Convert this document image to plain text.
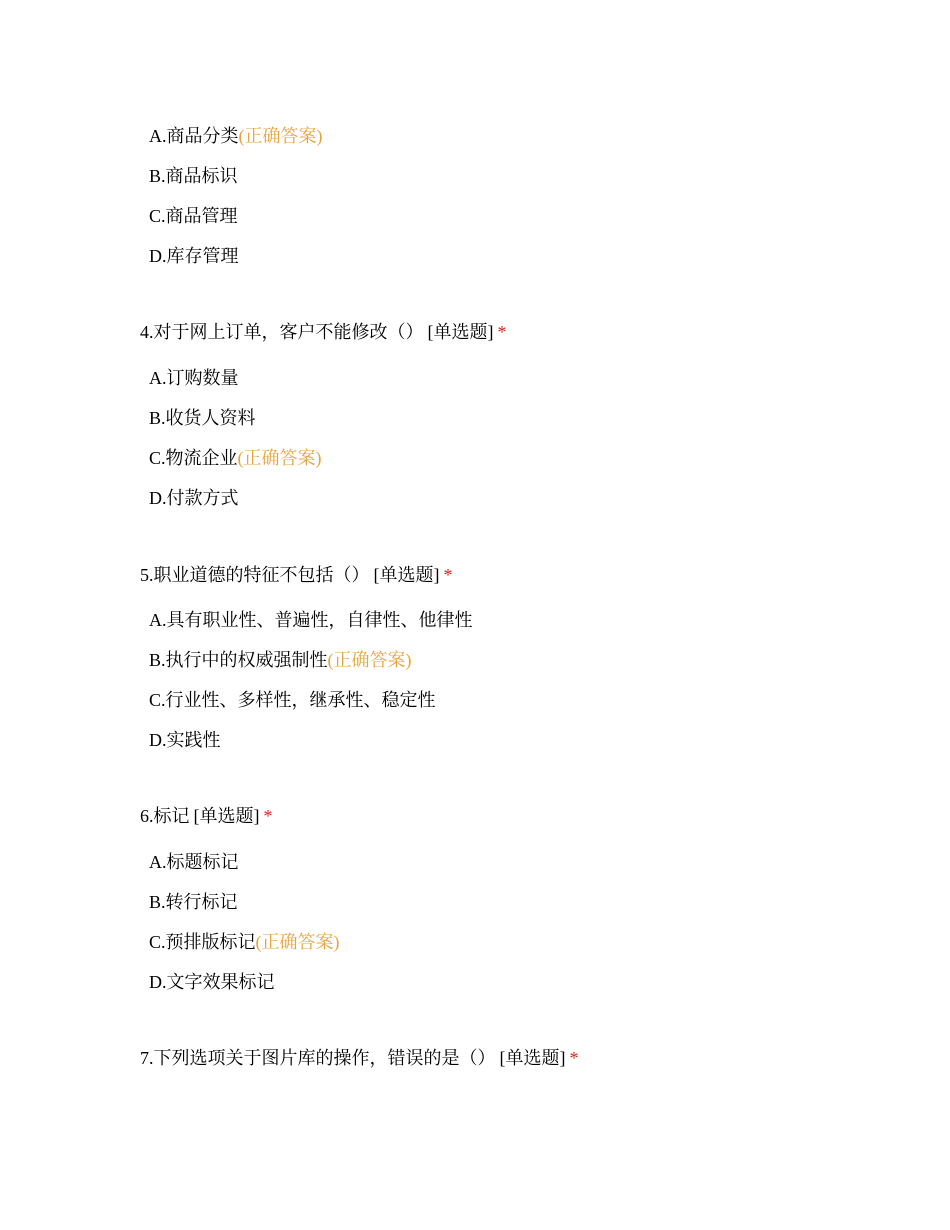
A.商品分类(正确答案)
B.商品标识
C.商品管理
D.库存管理
4.对于网上订单，客户不能修改（） [单选题] *
A.订购数量
B.收货人资料
C.物流企业(正确答案)
D.付款方式
5.职业道德的特征不包括（） [单选题] *
A.具有职业性、普遍性，自律性、他律性
B.执行中的权威强制性(正确答案)
C.行业性、多样性，继承性、稳定性
D.实践性
6.标记 [单选题] *
A.标题标记
B.转行标记
C.预排版标记(正确答案)
D.文字效果标记
7.下列选项关于图片库的操作，错误的是（） [单选题] *
